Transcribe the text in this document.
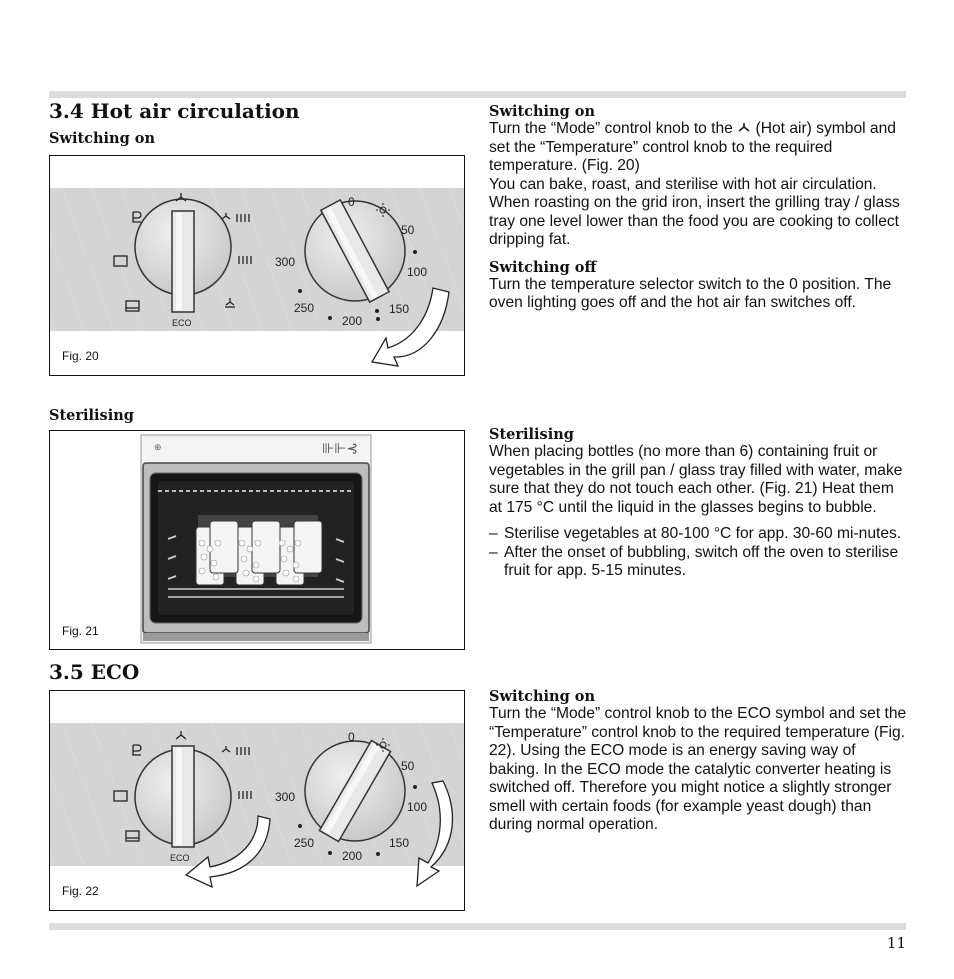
3.4 Hot air circulation
Switching on
ECO
0
50
100
150
200
250
300
Fig. 20
Sterilising
⊕	⊪⊩⊰
Fig. 21
3.5 ECO
ECO
0
50
100
150
200
250
300
Fig. 22
Switching on

Turn the “Mode” control knob to the (Hot air) symbol and set the “Temperature” control knob to the required temperature. (Fig. 20)

You can bake, roast, and sterilise with hot air circulation.

When roasting on the grid iron, insert the grilling tray / glass tray one level lower than the food you are cooking to collect dripping fat.

Switching off

Turn the temperature selector switch to the 0 position. The oven lighting goes off and the hot air fan switches off.

Sterilising

When placing bottles (no more than 6) containing fruit or vegetables in the grill pan / glass tray filled with water, make sure that they do not touch each other. (Fig. 21) Heat them at 175 °C until the liquid in the glasses begins to bubble.

– Sterilise vegetables at 80-100 °C for app. 30-60 mi-nutes.
– After the onset of bubbling, switch off the oven to sterilise fruit for app. 5-15 minutes.
Switching on

Turn the “Mode” control knob to the ECO symbol and set the “Temperature” control knob to the required temperature (Fig. 22). Using the ECO mode is an energy saving way of baking. In the ECO mode the catalytic converter heating is switched off. Therefore you might notice a slightly stronger smell with certain foods (for example yeast dough) than during normal operation.

11
